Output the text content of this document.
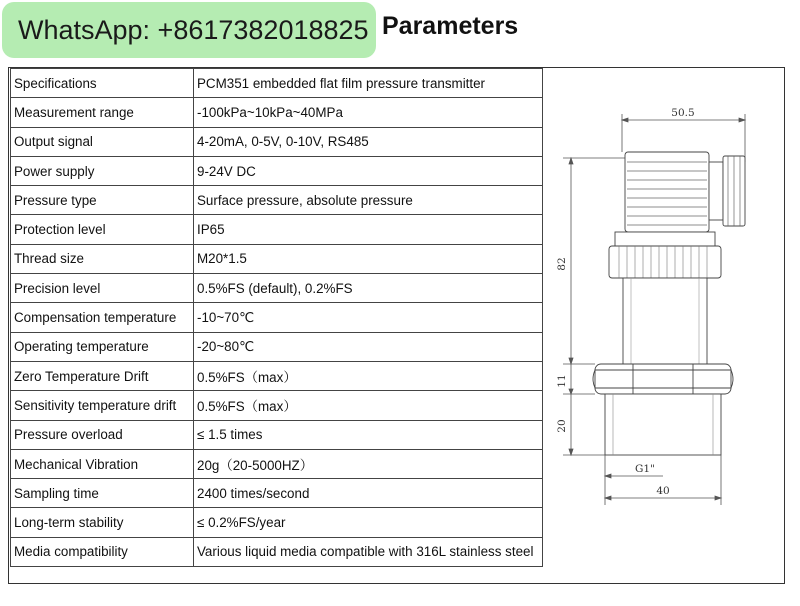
WhatsApp: +8617382018825 Parameters
Specifications	PCM351 embedded flat film pressure transmitter
Measurement range	-100kPa~10kPa~40MPa
Output signal	4-20mA, 0-5V, 0-10V, RS485
Power supply	9-24V DC
Pressure type	Surface pressure, absolute pressure
Protection level	IP65
Thread size	M20*1.5
Precision level	0.5%FS (default), 0.2%FS
Compensation temperature	-10~70℃
Operating temperature	-20~80℃
Zero Temperature Drift	0.5%FS（max）
Sensitivity temperature drift	0.5%FS（max）
Pressure overload	≤ 1.5 times
Mechanical Vibration	20g（20-5000HZ）
Sampling time	2400 times/second
Long-term stability	≤ 0.2%FS/year
Media compatibility	Various liquid media compatible with 316L stainless steel
50.5
82
11
20
G1"
40
